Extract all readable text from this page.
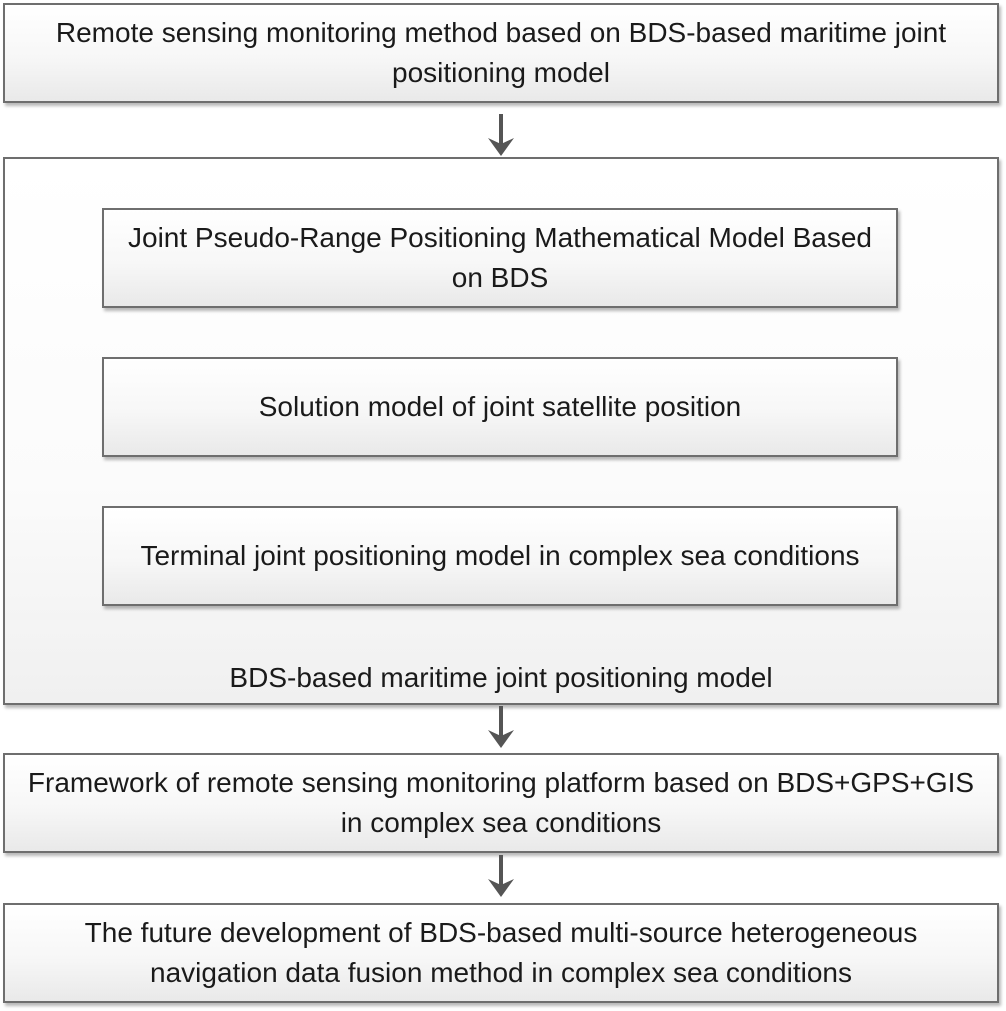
Remote sensing monitoring method based on BDS-based maritime joint positioning model
Joint Pseudo-Range Positioning Mathematical Model Based on BDS
Solution model of joint satellite position
Terminal joint positioning model in complex sea conditions
BDS-based maritime joint positioning model
Framework of remote sensing monitoring platform based on BDS+GPS+GIS in complex sea conditions
The future development of BDS-based multi-source heterogeneous navigation data fusion method in complex sea conditions
